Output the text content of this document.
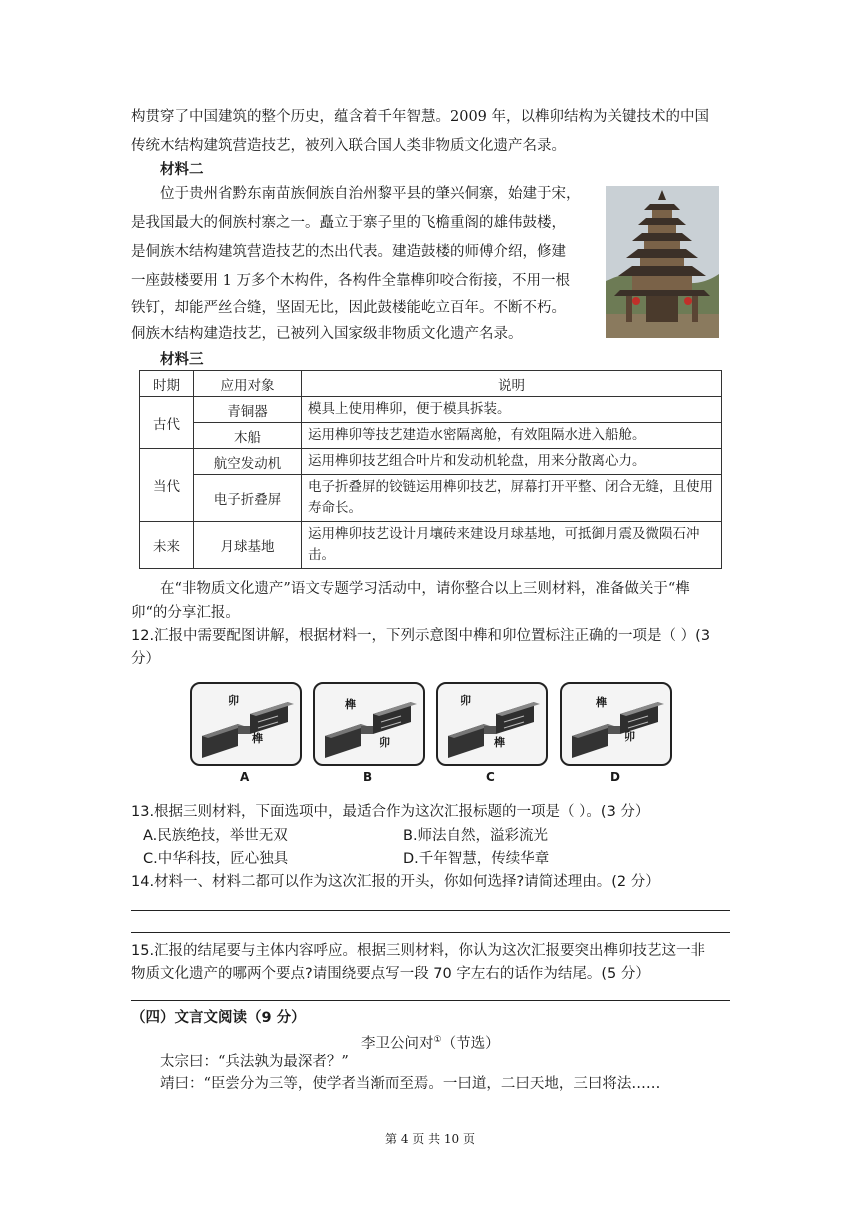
构贯穿了中国建筑的整个历史，蕴含着千年智慧。2009 年，以榫卯结构为关键技术的中国
传统木结构建筑营造技艺，被列入联合国人类非物质文化遗产名录。
材料二
位于贵州省黔东南苗族侗族自治州黎平县的肇兴侗寨，始建于宋，
是我国最大的侗族村寨之一。矗立于寨子里的飞檐重阁的雄伟鼓楼，
是侗族木结构建筑营造技艺的杰出代表。建造鼓楼的师傅介绍，修建
一座鼓楼要用 1 万多个木构件，各构件全靠榫卯咬合衔接，不用一根
铁钉，却能严丝合缝，坚固无比，因此鼓楼能屹立百年。不断不朽。
侗族木结构建造技艺，已被列入国家级非物质文化遗产名录。
材料三
时期	应用对象	说明
古代	青铜器	模具上使用榫卯，便于模具拆装。
	木船	运用榫卯等技艺建造水密隔离舱，有效阻隔水进入船舱。
当代	航空发动机	运用榫卯技艺组合叶片和发动机轮盘，用来分散离心力。
	电子折叠屏	电子折叠屏的铰链运用榫卯技艺，屏幕打开平整、闭合无缝，且使用寿命长。
未来	月球基地	运用榫卯技艺设计月壤砖来建设月球基地，可抵御月震及微陨石冲击。
在“非物质文化遗产”语文专题学习活动中，请你整合以上三则材料，准备做关于“榫
卯“的分享汇报。
12.汇报中需要配图讲解，根据材料一，下列示意图中榫和卯位置标注正确的一项是（ ）(3
分）
榫
卯
A
榫
卯
B
榫
卯
C
榫
卯
D
13.根据三则材料，下面选项中，最适合作为这次汇报标题的一项是（ ）。(3 分）
A.民族绝技，举世无双	B.师法自然，溢彩流光
C.中华科技，匠心独具	D.千年智慧，传续华章
14.材料一、材料二都可以作为这次汇报的开头，你如何选择?请简述理由。(2 分）
15.汇报的结尾要与主体内容呼应。根据三则材料，你认为这次汇报要突出榫卯技艺这一非
物质文化遗产的哪两个要点?请围绕要点写一段 70 字左右的话作为结尾。(5 分）
（四）文言文阅读（9 分）
李卫公问对①（节选）
太宗曰：“兵法孰为最深者？”
靖曰：“臣尝分为三等，使学者当渐而至焉。一曰道，二曰天地，三曰将法……
第 4 页 共 10 页
